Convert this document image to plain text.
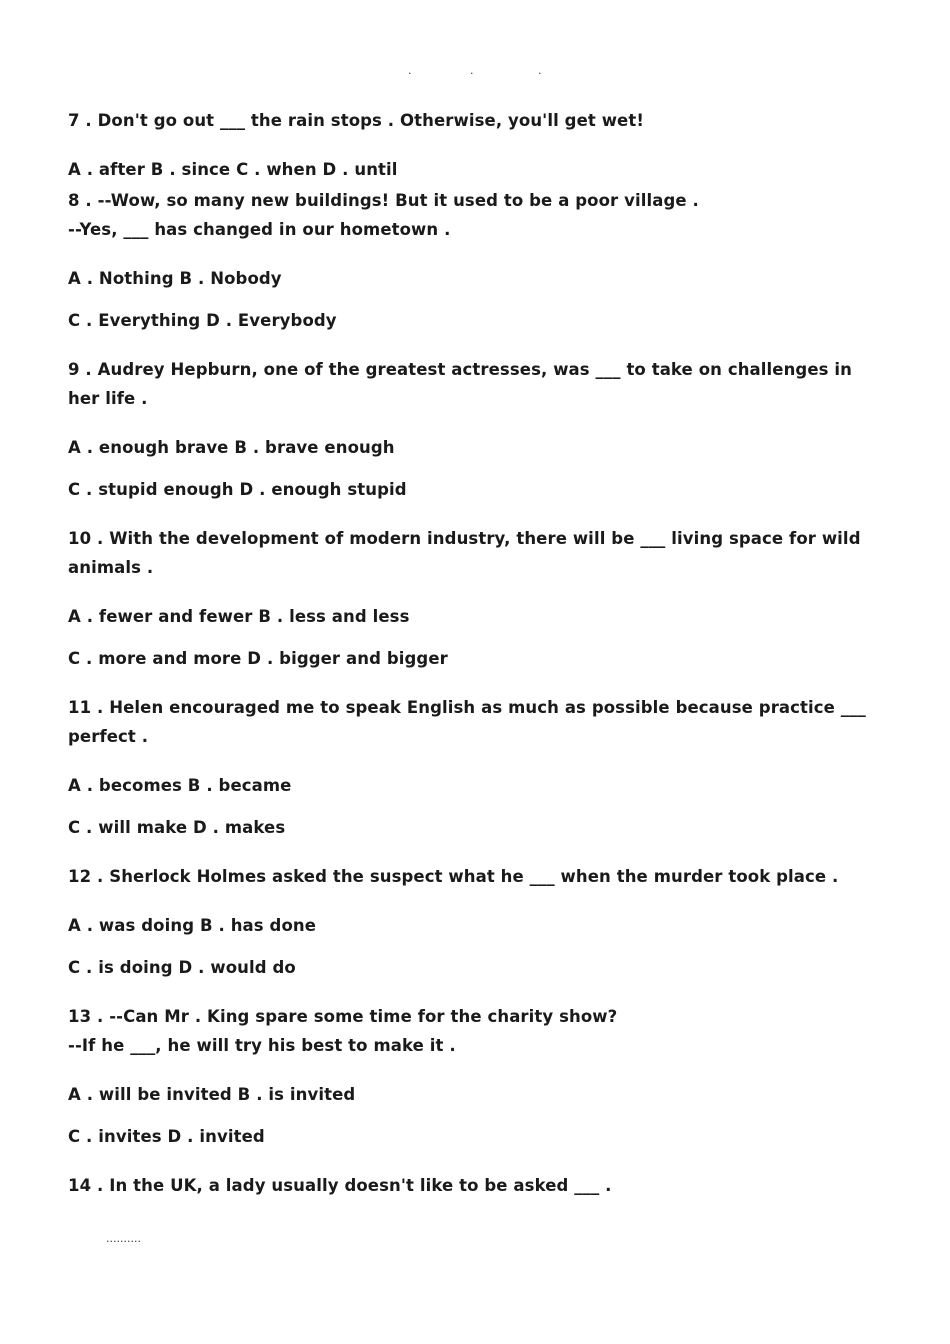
.	.	.
7 . Don't go out ___ the rain stops . Otherwise, you'll get wet!
A . after B . since C . when D . until
8 . --Wow, so many new buildings! But it used to be a poor village .
--Yes, ___ has changed in our hometown .
A . Nothing B . Nobody
C . Everything D . Everybody
9 . Audrey Hepburn, one of the greatest actresses, was ___ to take on challenges in
her life .
A . enough brave B . brave enough
C . stupid enough D . enough stupid
10 . With the development of modern industry, there will be ___ living space for wild
animals .
A . fewer and fewer B . less and less
C . more and more D . bigger and bigger
11 . Helen encouraged me to speak English as much as possible because practice ___
perfect .
A . becomes B . became
C . will make D . makes
12 . Sherlock Holmes asked the suspect what he ___ when the murder took place .
A . was doing B . has done
C . is doing D . would do
13 . --Can Mr . King spare some time for the charity show?
--If he ___, he will try his best to make it .
A . will be invited B . is invited
C . invites D . invited
14 . In the UK, a lady usually doesn't like to be asked ___ .
..........
